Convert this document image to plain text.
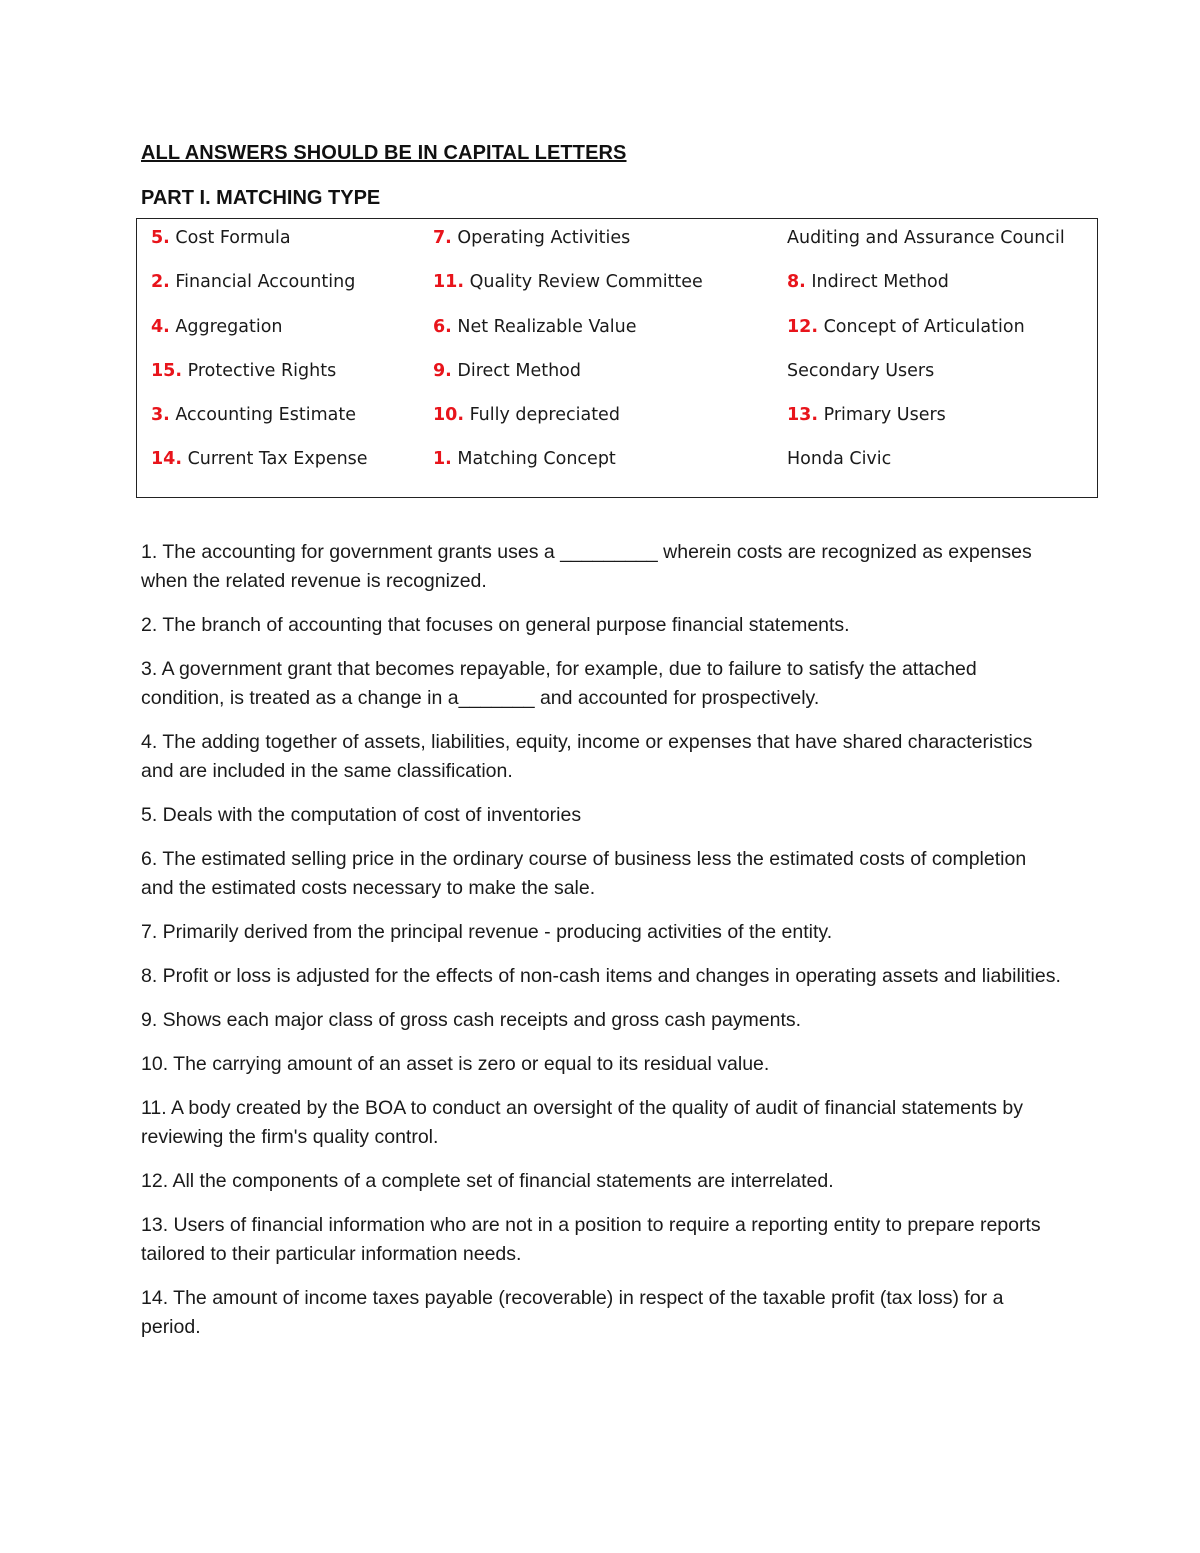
ALL ANSWERS SHOULD BE IN CAPITAL LETTERS

PART I. MATCHING TYPE

5. Cost Formula	7. Operating Activities	Auditing and Assurance Council
2. Financial Accounting	11. Quality Review Committee	8. Indirect Method
4. Aggregation	6. Net Realizable Value	12. Concept of Articulation
15. Protective Rights	9. Direct Method	Secondary Users
3. Accounting Estimate	10. Fully depreciated	13. Primary Users
14. Current Tax Expense	1. Matching Concept	Honda Civic
1. The accounting for government grants uses a _________ wherein costs are recognized as expenses when the related revenue is recognized.
2. The branch of accounting that focuses on general purpose financial statements.
3. A government grant that becomes repayable, for example, due to failure to satisfy the attached condition, is treated as a change in a_______ and accounted for prospectively.
4. The adding together of assets, liabilities, equity, income or expenses that have shared characteristics and are included in the same classification.
5. Deals with the computation of cost of inventories
6. The estimated selling price in the ordinary course of business less the estimated costs of completion and the estimated costs necessary to make the sale.
7. Primarily derived from the principal revenue - producing activities of the entity.
8. Profit or loss is adjusted for the effects of non-cash items and changes in operating assets and liabilities.
9. Shows each major class of gross cash receipts and gross cash payments.
10. The carrying amount of an asset is zero or equal to its residual value.
11. A body created by the BOA to conduct an oversight of the quality of audit of financial statements by reviewing the firm's quality control.
12. All the components of a complete set of financial statements are interrelated.
13. Users of financial information who are not in a position to require a reporting entity to prepare reports tailored to their particular information needs.
14. The amount of income taxes payable (recoverable) in respect of the taxable profit (tax loss) for a period.
